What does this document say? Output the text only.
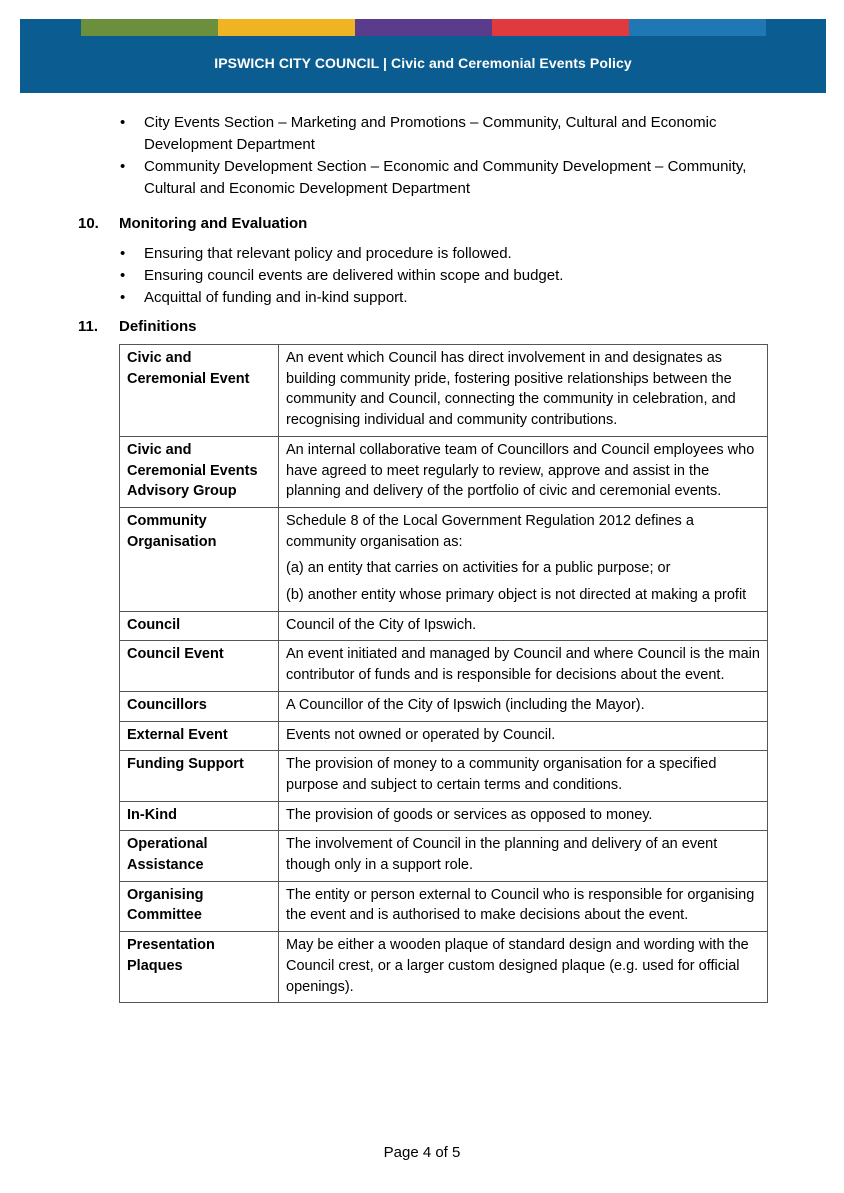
IPSWICH CITY COUNCIL | Civic and Ceremonial Events Policy
• City Events Section – Marketing and Promotions – Community, Cultural and Economic Development Department
• Community Development Section – Economic and Community Development – Community, Cultural and Economic Development Department
10. Monitoring and Evaluation
• Ensuring that relevant policy and procedure is followed.
• Ensuring council events are delivered within scope and budget.
• Acquittal of funding and in-kind support.
11. Definitions
Civic and Ceremonial Event	An event which Council has direct involvement in and designates as building community pride, fostering positive relationships between the community and Council, connecting the community in celebration, and recognising individual and community contributions.

Civic and Ceremonial Events Advisory Group	An internal collaborative team of Councillors and Council employees who have agreed to meet regularly to review, approve and assist in the planning and delivery of the portfolio of civic and ceremonial events.

Community Organisation	Schedule 8 of the Local Government Regulation 2012 defines a community organisation as:

(a) an entity that carries on activities for a public purpose; or

(b) another entity whose primary object is not directed at making a profit

Council	Council of the City of Ipswich.

Council Event	An event initiated and managed by Council and where Council is the main contributor of funds and is responsible for decisions about the event.

Councillors	A Councillor of the City of Ipswich (including the Mayor).

External Event	Events not owned or operated by Council.

Funding Support	The provision of money to a community organisation for a specified purpose and subject to certain terms and conditions.

In-Kind	The provision of goods or services as opposed to money.

Operational Assistance	The involvement of Council in the planning and delivery of an event though only in a support role.

Organising Committee	The entity or person external to Council who is responsible for organising the event and is authorised to make decisions about the event.

Presentation Plaques	May be either a wooden plaque of standard design and wording with the Council crest, or a larger custom designed plaque (e.g. used for official openings).

Page 4 of 5
